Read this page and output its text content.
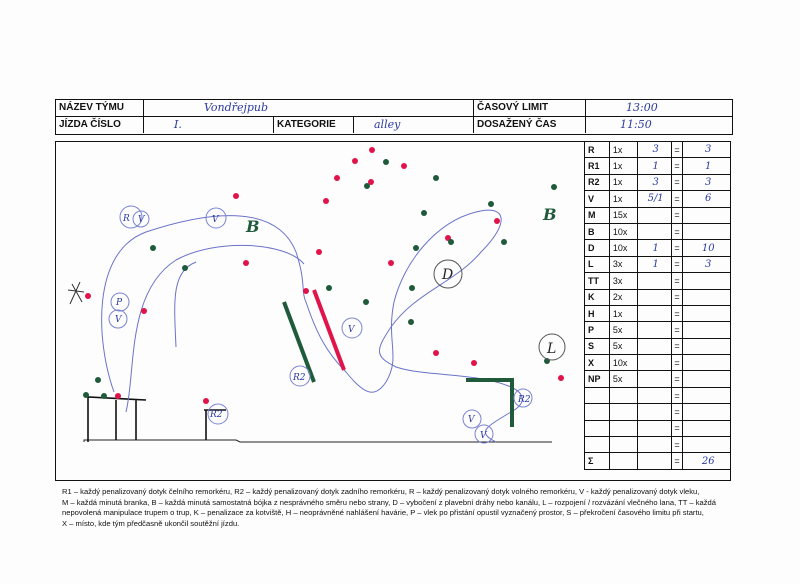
NÁZEV TÝMU	Vondřejpub	ČASOVÝ LIMIT	13:00
JÍZDA ČÍSLO	I.	KATEGORIE	alley	DOSAŽENÝ ČAS	11:50
R V	V
P
V
R2
D
V
R2
L
R2
V
V
B
B
R	1x	3	=	3
R1	1x	1	=	1
R2	1x	3	=	3
V	1x	5/1	=	6
M	15x		=	
B	10x		=	
D	10x	1	=	10
L	3x	1	=	3
TT	3x		=	
K	2x		=	
H	1x		=	
P	5x		=	
S	5x		=	
X	10x		=	
NP	5x		=	
			=	
			=	
			=	
			=	
Σ			=	26
R1 – každý penalizovaný dotyk čelního remorkéru, R2 – každý penalizovaný dotyk zadního remorkéru, R – každý penalizovaný dotyk volného remorkéru, V - každý penalizovaný dotyk vleku,
M – každá minutá branka, B – každá minutá samostatná bójka z nesprávného směru nebo strany, D – vybočení z plavební dráhy nebo kanálu, L – rozpojení / rozvázání vlečného lana, TT – každá
nepovolená manipulace trupem o trup, K – penalizace za kotviště, H – neoprávněné nahlášení havárie, P – vlek po přistání opustil vyznačený prostor, S – překročení časového limitu při startu,
X – místo, kde tým předčasně ukončil soutěžní jízdu.
